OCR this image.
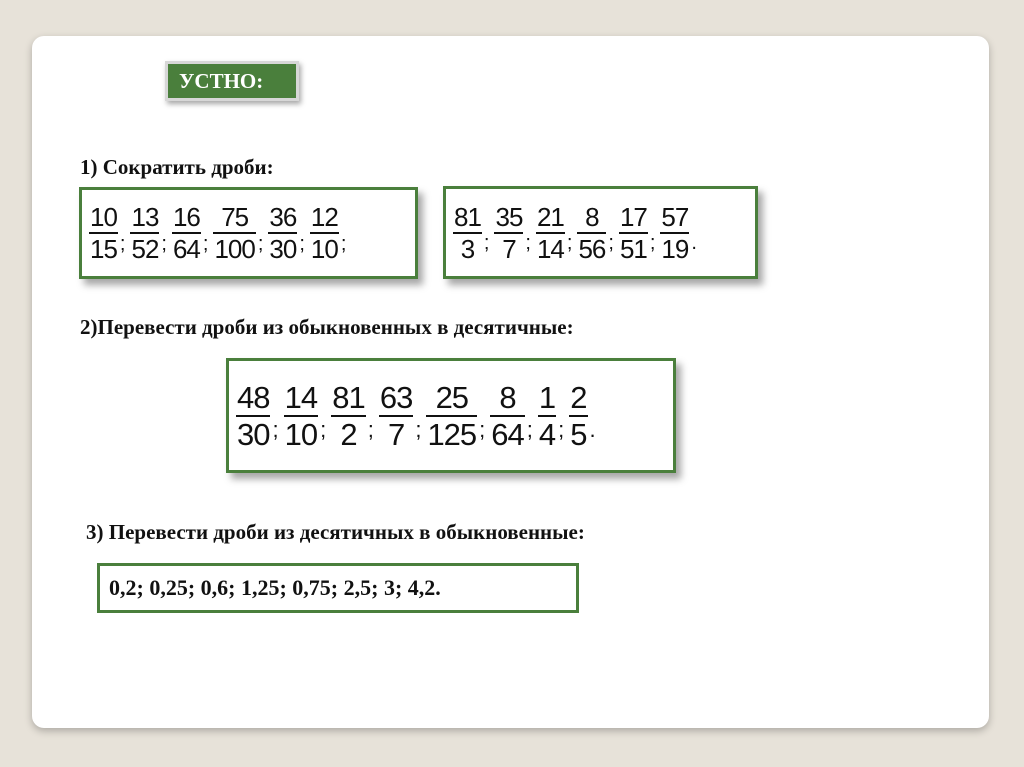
УСТНО:
1) Сократить дроби:
$\frac{10}{15}$ ; $\frac{13}{52}$ ; $\frac{16}{64}$ ; $\frac{75}{100}$ ; $\frac{36}{30}$ ; $\frac{12}{10}$ ;	$\frac{81}{3}$ ; $\frac{35}{7}$ ; $\frac{21}{14}$ ; $\frac{8}{56}$ ; $\frac{17}{51}$ ; $\frac{57}{19}$ .
2)Перевести дроби из обыкновенных в десятичные:
$\frac{48}{30}$ ; $\frac{14}{10}$ ; $\frac{81}{2}$ ; $\frac{63}{7}$ ; $\frac{25}{125}$ ; $\frac{8}{64}$ ; $\frac{1}{4}$ ; $\frac{2}{5}$ .
3) Перевести дроби из десятичных в обыкновенные:
0,2; 0,25; 0,6; 1,25; 0,75; 2,5; 3; 4,2.
